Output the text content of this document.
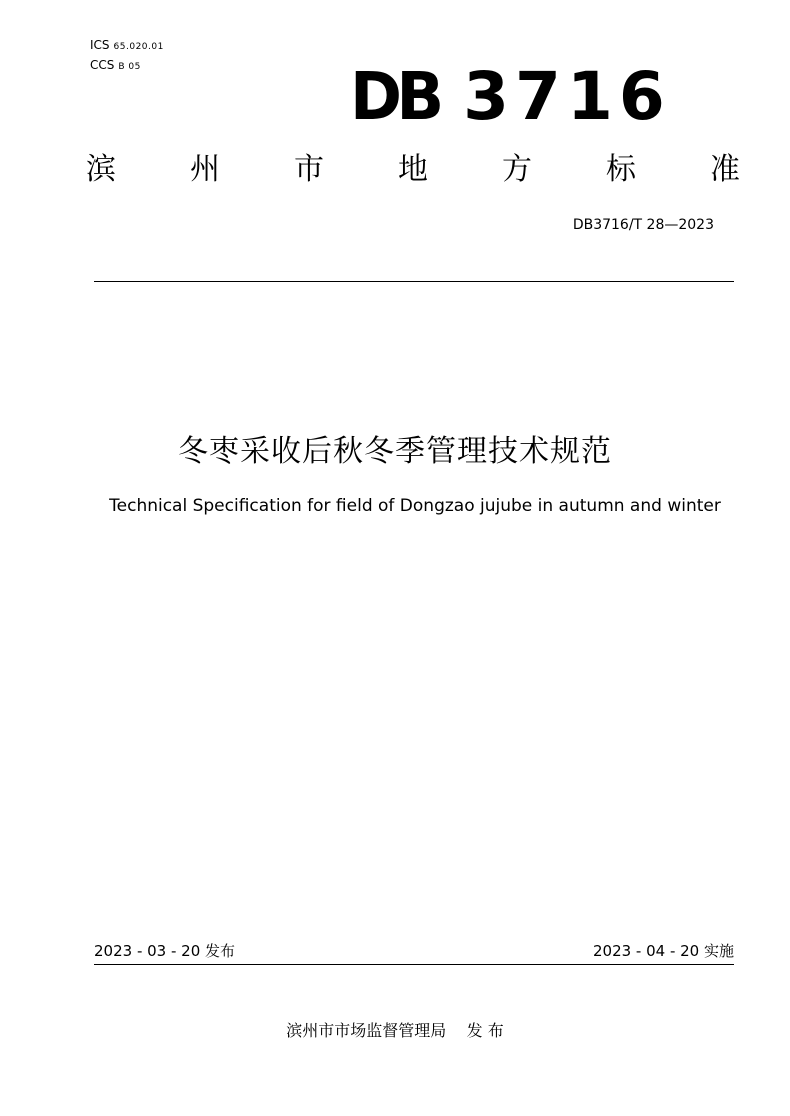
ICS 65.020.01
CCS B 05	DB 3716
滨 州 市 地 方 标 准
DB3716/T 28—2023
冬枣采收后秋冬季管理技术规范
Technical Specification for field of Dongzao jujube in autumn and winter
2023 - 03 - 20 发布	2023 - 04 - 20 实施
滨州市市场监督管理局    发 布
